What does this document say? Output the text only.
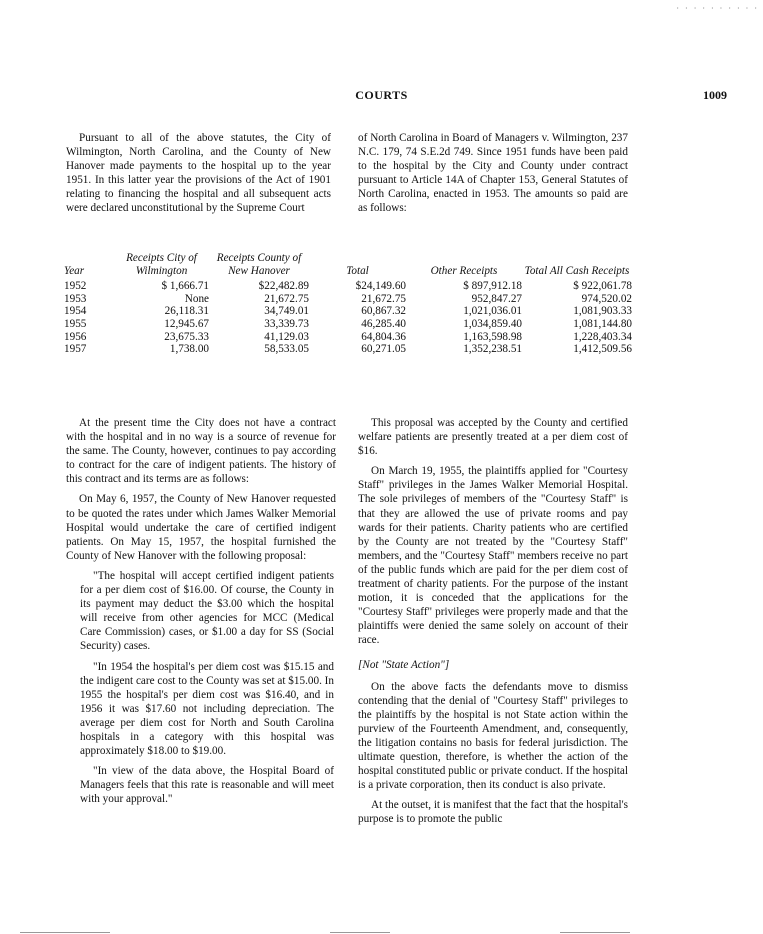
· · · · · · · · · ·
COURTS	1009

Pursuant to all of the above statutes, the City of Wilmington, North Carolina, and the County of New Hanover made payments to the hospital up to the year 1951. In this latter year the provisions of the Act of 1901 relating to financing the hospital and all subsequent acts were declared unconstitutional by the Supreme Court

of North Carolina in Board of Managers v. Wilmington, 237 N.C. 179, 74 S.E.2d 749. Since 1951 funds have been paid to the hospital by the City and County under contract pursuant to Article 14A of Chapter 153, General Statutes of North Carolina, enacted in 1953. The amounts so paid are as follows:

Year	Receipts City of Wilmington	Receipts County of New Hanover	Total	Other Receipts	Total All Cash Receipts
1952	$ 1,666.71	$22,482.89	$24,149.60	$ 897,912.18	$ 922,061.78
1953	None	21,672.75	21,672.75	952,847.27	974,520.02
1954	26,118.31	34,749.01	60,867.32	1,021,036.01	1,081,903.33
1955	12,945.67	33,339.73	46,285.40	1,034,859.40	1,081,144.80
1956	23,675.33	41,129.03	64,804.36	1,163,598.98	1,228,403.34
1957	1,738.00	58,533.05	60,271.05	1,352,238.51	1,412,509.56

At the present time the City does not have a contract with the hospital and in no way is a source of revenue for the same. The County, however, continues to pay according to contract for the care of indigent patients. The history of this contract and its terms are as follows:

On May 6, 1957, the County of New Hanover requested to be quoted the rates under which James Walker Memorial Hospital would undertake the care of certified indigent patients. On May 15, 1957, the hospital furnished the County of New Hanover with the following proposal:

"The hospital will accept certified indigent patients for a per diem cost of $16.00. Of course, the County in its payment may deduct the $3.00 which the hospital will receive from other agencies for MCC (Medical Care Commission) cases, or $1.00 a day for SS (Social Security) cases.

"In 1954 the hospital's per diem cost was $15.15 and the indigent care cost to the County was set at $15.00. In 1955 the hospital's per diem cost was $16.40, and in 1956 it was $17.60 not including depreciation. The average per diem cost for North and South Carolina hospitals in a category with this hospital was approximately $18.00 to $19.00.

"In view of the data above, the Hospital Board of Managers feels that this rate is reasonable and will meet with your approval."

This proposal was accepted by the County and certified welfare patients are presently treated at a per diem cost of $16.

On March 19, 1955, the plaintiffs applied for "Courtesy Staff" privileges in the James Walker Memorial Hospital. The sole privileges of members of the "Courtesy Staff" is that they are allowed the use of private rooms and pay wards for their patients. Charity patients who are certified by the County are not treated by the "Courtesy Staff" members, and the "Courtesy Staff" members receive no part of the public funds which are paid for the per diem cost of treatment of charity patients. For the purpose of the instant motion, it is conceded that the applications for the "Courtesy Staff" privileges were properly made and that the plaintiffs were denied the same solely on account of their race.

[Not "State Action"]

On the above facts the defendants move to dismiss contending that the denial of "Courtesy Staff" privileges to the plaintiffs by the hospital is not State action within the purview of the Fourteenth Amendment, and, consequently, the litigation contains no basis for federal jurisdiction. The ultimate question, therefore, is whether the action of the hospital constituted public or private conduct. If the hospital is a private corporation, then its conduct is also private.

At the outset, it is manifest that the fact that the hospital's purpose is to promote the public
